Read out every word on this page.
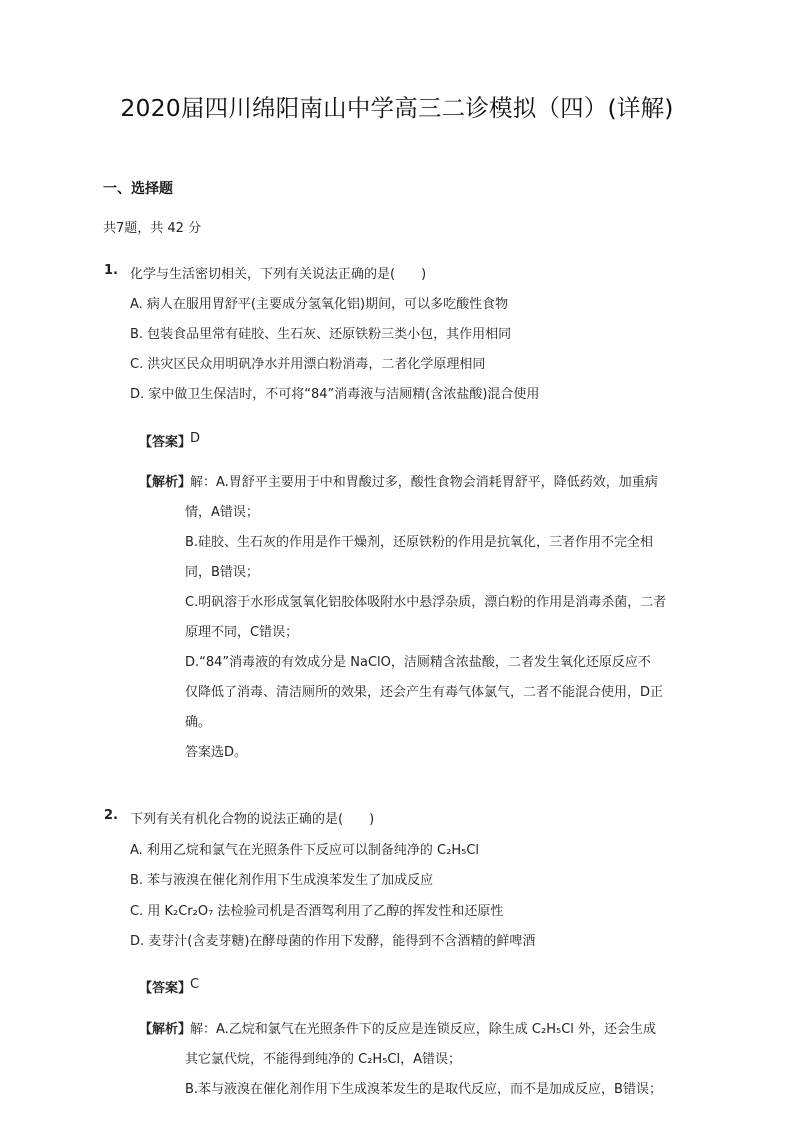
2020届四川绵阳南山中学高三二诊模拟（四）(详解)
一、选择题
共7题，共 42 分
1. 化学与生活密切相关，下列有关说法正确的是(　　)
A. 病人在服用胃舒平(主要成分氢氧化铝)期间，可以多吃酸性食物
B. 包装食品里常有硅胶、生石灰、还原铁粉三类小包，其作用相同
C. 洪灾区民众用明矾净水并用漂白粉消毒，二者化学原理相同
D. 家中做卫生保洁时，不可将“84”消毒液与洁厕精(含浓盐酸)混合使用
【答案】
D
【解析】
解：A.胃舒平主要用于中和胃酸过多，酸性食物会消耗胃舒平，降低药效，加重病
情，A错误；
B.硅胶、生石灰的作用是作干燥剂，还原铁粉的作用是抗氧化，三者作用不完全相
同，B错误；
C.明矾溶于水形成氢氧化铝胶体吸附水中悬浮杂质，漂白粉的作用是消毒杀菌，二者
原理不同，C错误；
D.“84”消毒液的有效成分是 NaClO，洁厕精含浓盐酸，二者发生氧化还原反应不
仅降低了消毒、清洁厕所的效果，还会产生有毒气体氯气，二者不能混合使用，D正
确。
答案选D。
2. 下列有关有机化合物的说法正确的是(　　)
A. 利用乙烷和氯气在光照条件下反应可以制备纯净的 C₂H₅Cl
B. 苯与液溴在催化剂作用下生成溴苯发生了加成反应
C. 用 K₂Cr₂O₇ 法检验司机是否酒驾利用了乙醇的挥发性和还原性
D. 麦芽汁(含麦芽糖)在酵母菌的作用下发酵，能得到不含酒精的鲜啤酒
【答案】
C
【解析】
解：A.乙烷和氯气在光照条件下的反应是连锁反应，除生成 C₂H₅Cl 外，还会生成
其它氯代烷，不能得到纯净的 C₂H₅Cl，A错误；
B.苯与液溴在催化剂作用下生成溴苯发生的是取代反应，而不是加成反应，B错误；
